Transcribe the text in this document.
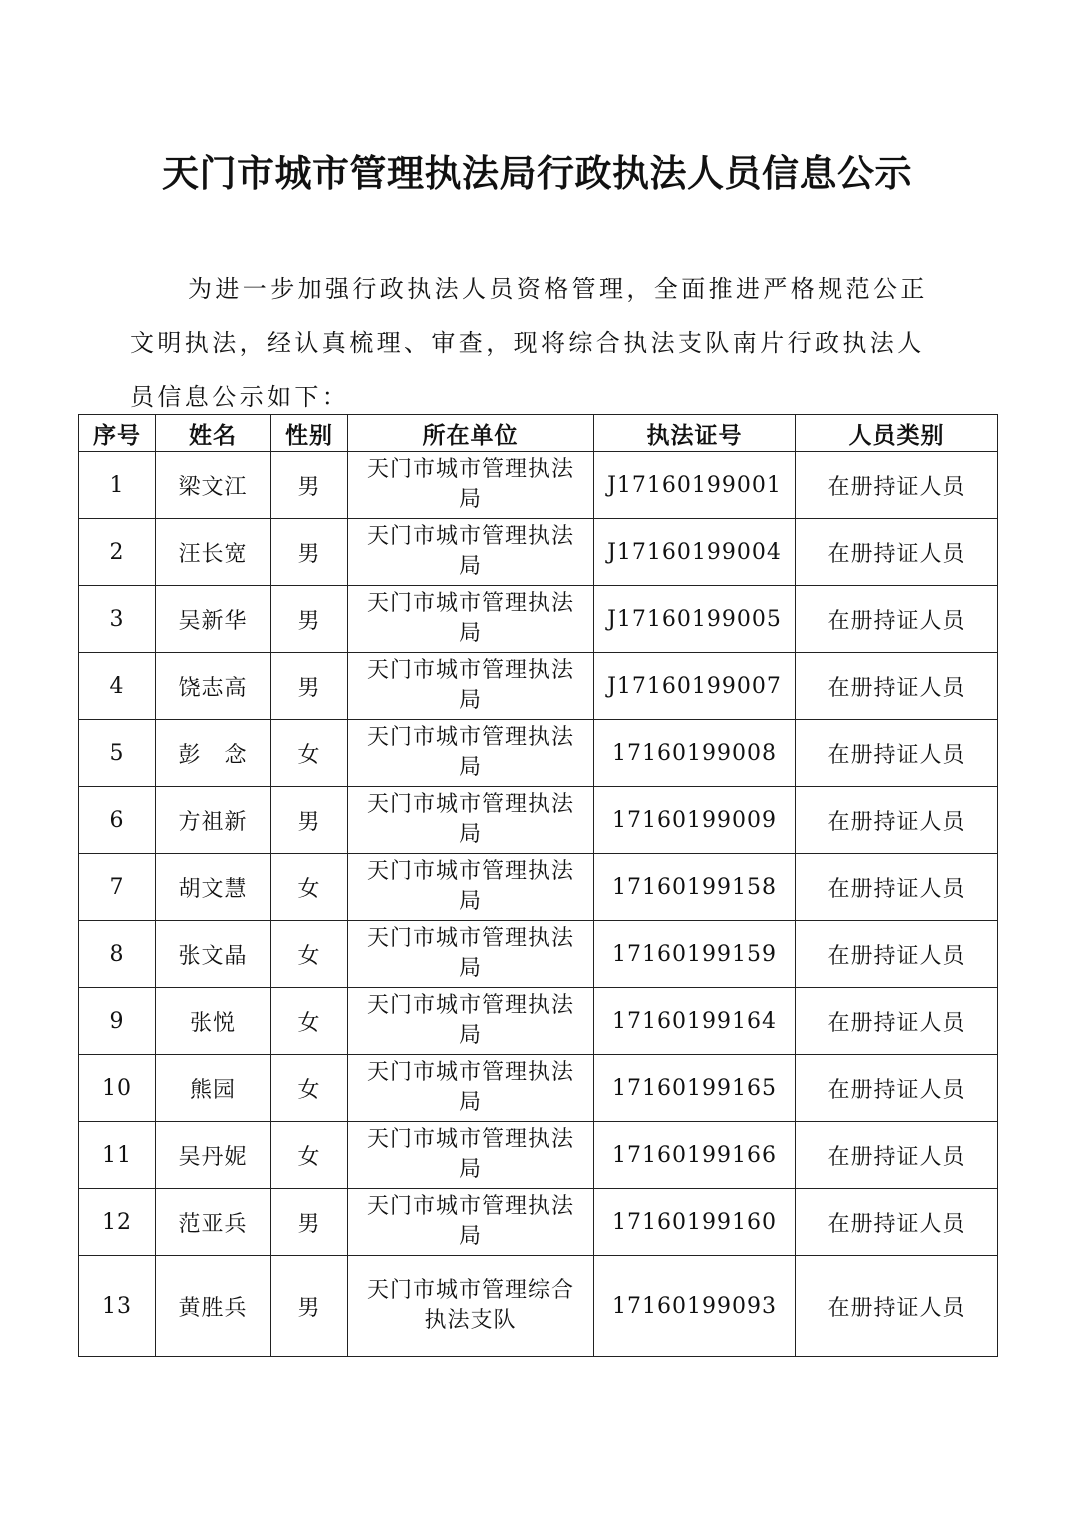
天门市城市管理执法局行政执法人员信息公示

为进一步加强行政执法人员资格管理，全面推进严格规范公正文明执法，经认真梳理、审查，现将综合执法支队南片行政执法人员信息公示如下：

序号	姓名	性别	所在单位	执法证号	人员类别
1	梁文江	男	天门市城市管理执法局	J17160199001	在册持证人员
2	汪长宽	男	天门市城市管理执法局	J17160199004	在册持证人员
3	吴新华	男	天门市城市管理执法局	J17160199005	在册持证人员
4	饶志高	男	天门市城市管理执法局	J17160199007	在册持证人员
5	彭　念	女	天门市城市管理执法局	17160199008	在册持证人员
6	方祖新	男	天门市城市管理执法局	17160199009	在册持证人员
7	胡文慧	女	天门市城市管理执法局	17160199158	在册持证人员
8	张文晶	女	天门市城市管理执法局	17160199159	在册持证人员
9	张悦	女	天门市城市管理执法局	17160199164	在册持证人员
10	熊园	女	天门市城市管理执法局	17160199165	在册持证人员
11	吴丹妮	女	天门市城市管理执法局	17160199166	在册持证人员
12	范亚兵	男	天门市城市管理执法局	17160199160	在册持证人员
13	黄胜兵	男	天门市城市管理综合执法支队	17160199093	在册持证人员
